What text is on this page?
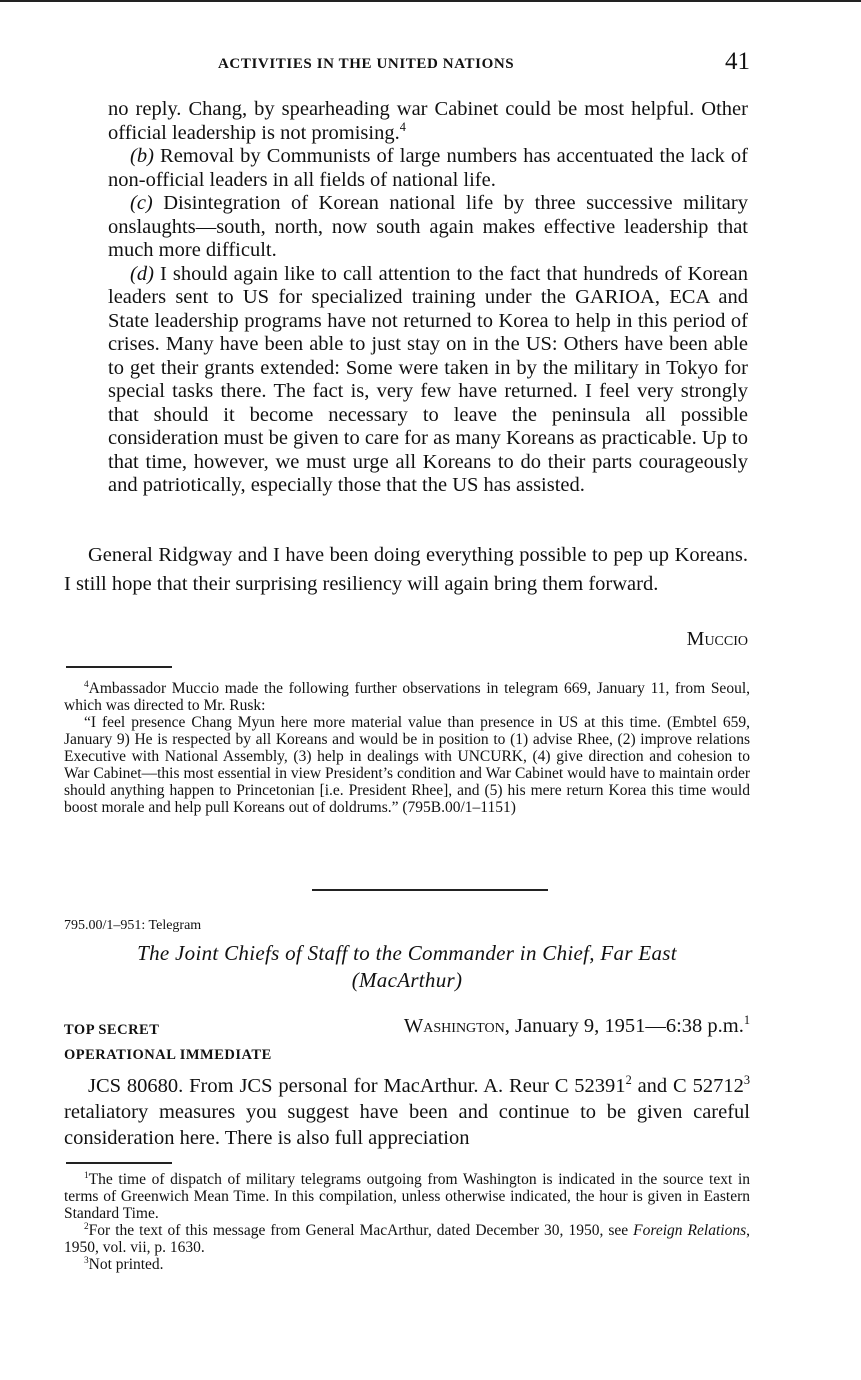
ACTIVITIES IN THE UNITED NATIONS	41

no reply. Chang, by spearheading war Cabinet could be most helpful. Other official leadership is not promising.$^4$

(b) Removal by Communists of large numbers has accentuated the lack of non-official leaders in all fields of national life.

(c) Disintegration of Korean national life by three successive military onslaughts—south, north, now south again makes effective leadership that much more difficult.

(d) I should again like to call attention to the fact that hundreds of Korean leaders sent to US for specialized training under the GARIOA, ECA and State leadership programs have not returned to Korea to help in this period of crises. Many have been able to just stay on in the US: Others have been able to get their grants extended: Some were taken in by the military in Tokyo for special tasks there. The fact is, very few have returned. I feel very strongly that should it become necessary to leave the peninsula all possible consideration must be given to care for as many Koreans as practicable. Up to that time, however, we must urge all Koreans to do their parts courageously and patriotically, especially those that the US has assisted.

General Ridgway and I have been doing everything possible to pep up Koreans. I still hope that their surprising resiliency will again bring them forward.
Muccio

$^4$Ambassador Muccio made the following further observations in telegram 669, January 11, from Seoul, which was directed to Mr. Rusk:

“I feel presence Chang Myun here more material value than presence in US at this time. (Embtel 659, January 9) He is respected by all Koreans and would be in position to (1) advise Rhee, (2) improve relations Executive with National Assembly, (3) help in dealings with UNCURK, (4) give direction and cohesion to War Cabinet—this most essential in view President’s condition and War Cabinet would have to maintain order should anything happen to Princetonian [i.e. President Rhee], and (5) his mere return Korea this time would boost morale and help pull Koreans out of doldrums.” (795B.00/1–1151)

795.00/1–951: Telegram
The Joint Chiefs of Staff to the Commander in Chief, Far East
(MacArthur)
TOP SECRET	Washington, January 9, 1951—6:38 p.m.$^1$
OPERATIONAL IMMEDIATE
JCS 80680. From JCS personal for MacArthur. A. Reur C 52391$^2$ and C 52712$^3$ retaliatory measures you suggest have been and continue to be given careful consideration here. There is also full appreciation

$^1$The time of dispatch of military telegrams outgoing from Washington is indicated in the source text in terms of Greenwich Mean Time. In this compilation, unless otherwise indicated, the hour is given in Eastern Standard Time.

$^2$For the text of this message from General MacArthur, dated December 30, 1950, see Foreign Relations, 1950, vol. vii, p. 1630.

$^3$Not printed.
